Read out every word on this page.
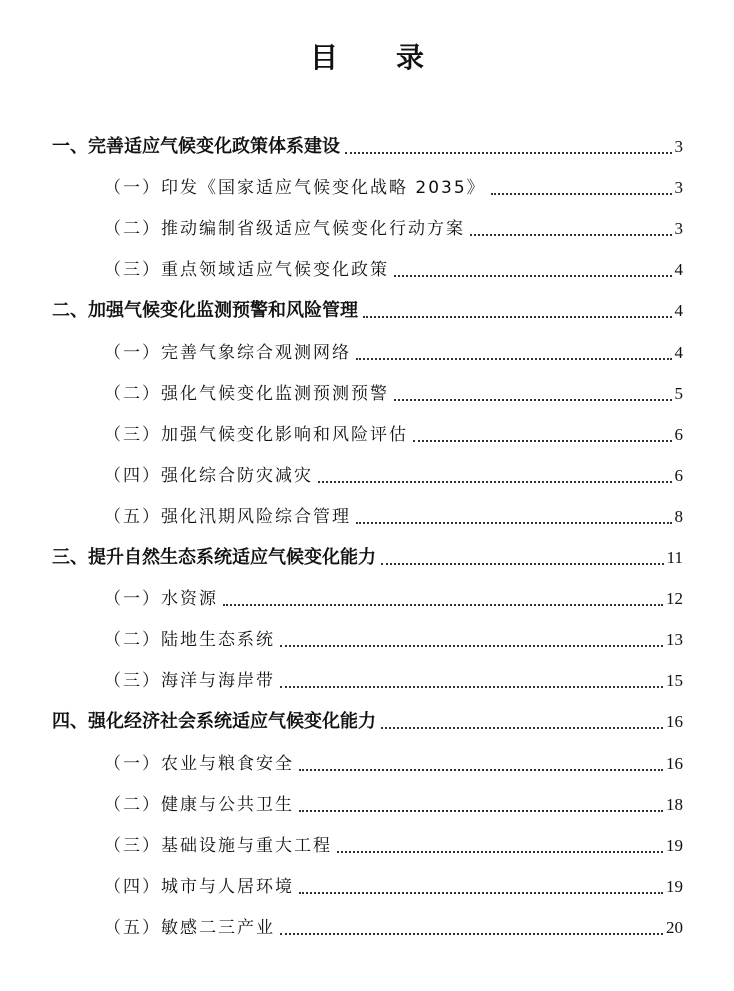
目 录
一、完善适应气候变化政策体系建设	3
（一）印发《国家适应气候变化战略 2035》	3
（二）推动编制省级适应气候变化行动方案	3
（三）重点领域适应气候变化政策	4
二、加强气候变化监测预警和风险管理	4
（一）完善气象综合观测网络	4
（二）强化气候变化监测预测预警	5
（三）加强气候变化影响和风险评估	6
（四）强化综合防灾减灾	6
（五）强化汛期风险综合管理	8
三、提升自然生态系统适应气候变化能力	11
（一）水资源	12
（二）陆地生态系统	13
（三）海洋与海岸带	15
四、强化经济社会系统适应气候变化能力	16
（一）农业与粮食安全	16
（二）健康与公共卫生	18
（三）基础设施与重大工程	19
（四）城市与人居环境	19
（五）敏感二三产业	20
